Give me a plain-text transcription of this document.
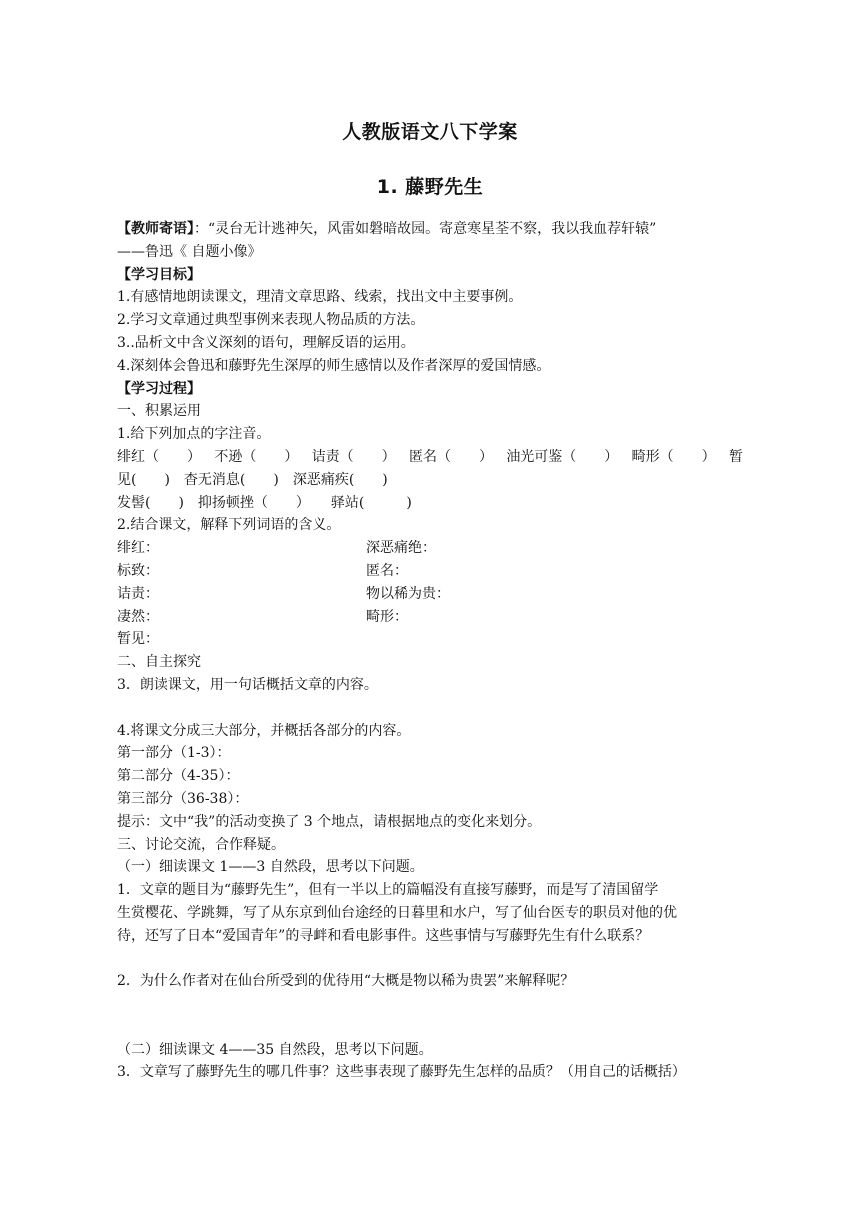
人教版语文八下学案
1. 藤野先生
【教师寄语】：“灵台无计逃神矢，风雷如磐暗故园。寄意寒星荃不察，我以我血荐轩辕”
——鲁迅《 自题小像》
【学习目标】
1.有感情地朗读课文，理清文章思路、线索，找出文中主要事例。
2.学习文章通过典型事例来表现人物品质的方法。
3..品析文中含义深刻的语句，理解反语的运用。
4.深刻体会鲁迅和藤野先生深厚的师生感情以及作者深厚的爱国情感。
【学习过程】
一、积累运用
1.给下列加点的字注音。
绯红（　　） 不逊（　　） 诘责（　　） 匿名（　　） 油光可鉴（　　） 畸形（　　） 暂
见(　　)　杳无消息(　　)　深恶痛疾(　　)
发髻(　　)　抑扬顿挫（　　）　　驿站(　　　)
2.结合课文，解释下列词语的含义。
绯红：	深恶痛绝：
标致：	匿名：
诘责：	物以稀为贵：
凄然：	畸形：
暂见：
二、自主探究
3．朗读课文，用一句话概括文章的内容。
4.将课文分成三大部分，并概括各部分的内容。
第一部分（1-3）：
第二部分（4-35）：
第三部分（36-38）：
提示：文中“我”的活动变换了 3 个地点，请根据地点的变化来划分。
三、讨论交流，合作释疑。
（一）细读课文 1——3 自然段，思考以下问题。
1．文章的题目为“藤野先生”，但有一半以上的篇幅没有直接写藤野，而是写了清国留学
生赏樱花、学跳舞，写了从东京到仙台途经的日暮里和水户，写了仙台医专的职员对他的优
待，还写了日本“爱国青年”的寻衅和看电影事件。这些事情与写藤野先生有什么联系？
2．为什么作者对在仙台所受到的优待用“大概是物以稀为贵罢”来解释呢？
（二）细读课文 4——35 自然段，思考以下问题。
3．文章写了藤野先生的哪几件事？这些事表现了藤野先生怎样的品质？（用自己的话概括）
